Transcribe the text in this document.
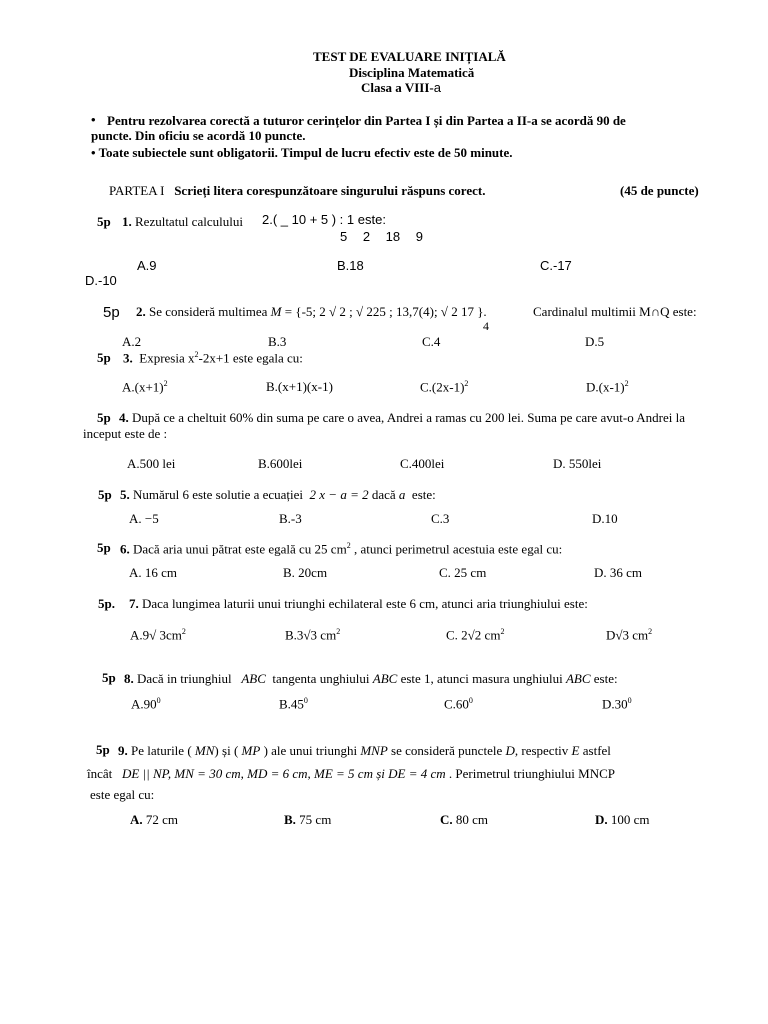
TEST DE EVALUARE INIȚIALĂ
Disciplina Matematică
Clasa a VIII-a
• Pentru rezolvarea corectă a tuturor cerințelor din Partea I și din Partea a II-a se acordă 90 de
puncte. Din oficiu se acordă 10 puncte.
• Toate subiectele sunt obligatorii. Timpul de lucru efectiv este de 50 minute.
PARTEA I Scrieți litera corespunzătoare singurului răspuns corect.	(45 de puncte)
5p 1. Rezultatul calculului 2.( _ 10 + 5 ) : 1 este:
5 2 18 9
A.9	B.18	C.-17
D.-10
5p 2. Se consideră multimea M = {-5; 2 √ 2 ; √ 225 ; 13,7(4); √ 2 17 }.	Cardinalul multimii M∩Q este:
4
A.2	B.3	C.4	D.5
5p 3. Expresia $x^2-2x+1$ este egala cu:
$A.(x+1)^2$	B.(x+1)(x-1)	$C.(2x-1)^2$	$D.(x-1)^2$
5p 4. După ce a cheltuit 60% din suma pe care o avea, Andrei a ramas cu 200 lei. Suma pe care avut-o Andrei la
inceput este de :
A.500 lei	B.600lei	C.400lei	D. 550lei
5p 5. Numărul 6 este solutie a ecuației 2 x − a = 2 dacă a este:
A. −5	B.-3	C.3	D.10
5p 6. Dacă aria unui pătrat este egală cu 25 $cm^2$ , atunci perimetrul acestuia este egal cu:
A. 16 cm	B. 20cm	C. 25 cm	D. 36 cm
5p. 7. Daca lungimea laturii unui triunghi echilateral este 6 cm, atunci aria triunghiului este:
A.9√ $3cm^2$	B.3√3 $cm^2$	C. 2√2 $cm^2$	D√3 $cm^2$
5p 8. Dacă in triunghiul ABC tangenta unghiului ABC este 1, atunci masura unghiului ABC este:
$A.90^0$	$B.45^0$	$C.60^0$	$D.30^0$
5p 9. Pe laturile ( MN) și ( MP ) ale unui triunghi MNP se consideră punctele D, respectiv E astfel
încât DE || NP, MN = 30 cm, MD = 6 cm, ME = 5 cm și DE = 4 cm . Perimetrul triunghiului MNCP
este egal cu:
A. 72 cm	B. 75 cm	C. 80 cm	D. 100 cm
